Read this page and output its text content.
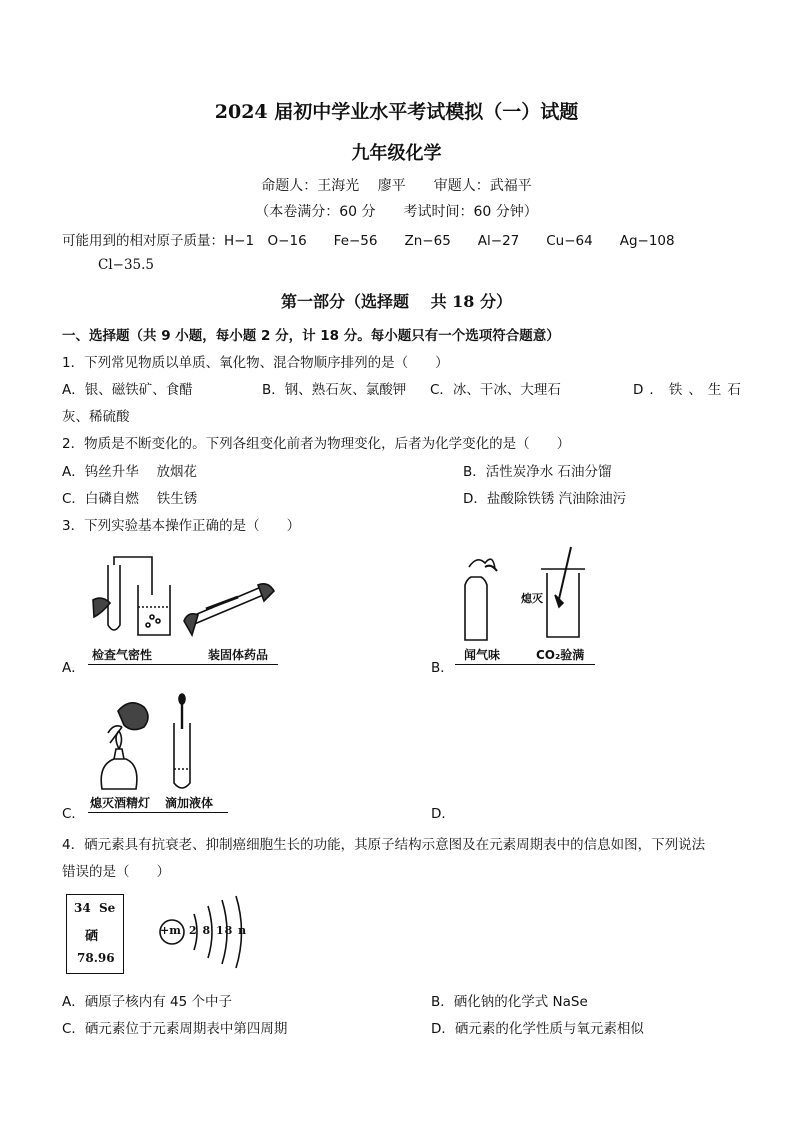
2024 届初中学业水平考试模拟（一）试题
九年级化学
命题人：王海光　 廖平　　审题人：武福平
（本卷满分：60 分　　考试时间：60 分钟）
可能用到的相对原子质量：H−1　O−16　　Fe−56　　Zn−65　　Al−27　　Cu−64　　Ag−108
Cl−35.5
第一部分（选择题　 共 18 分）
一、选择题（共 9 小题，每小题 2 分，计 18 分。每小题只有一个选项符合题意）
1．下列常见物质以单质、氧化物、混合物顺序排列的是（　　）
A．银、磁铁矿、食醋	B．钢、熟石灰、氯酸钾 C．冰、干冰、大理石	D．铁、生石
灰、稀硫酸
2．物质是不断变化的。下列各组变化前者为物理变化，后者为化学变化的是（　　）
A．钨丝升华　 放烟花	B．活性炭净水 石油分馏
C．白磷自燃　 铁生锈	D．盐酸除铁锈 汽油除油污
3．下列实验基本操作正确的是（　　）
检查气密性	装固体药品
A．
熄灭
闻气味	CO₂验满
B．
熄灭酒精灯 滴加液体
C．	D．
4．硒元素具有抗衰老、抑制癌细胞生长的功能，其原子结构示意图及在元素周期表中的信息如图，下列说法
错误的是（　　）
34 Se
硒
78.96
+m 2 8 18 n
A．硒原子核内有 45 个中子	B．硒化钠的化学式 NaSe
C．硒元素位于元素周期表中第四周期	D．硒元素的化学性质与氧元素相似
